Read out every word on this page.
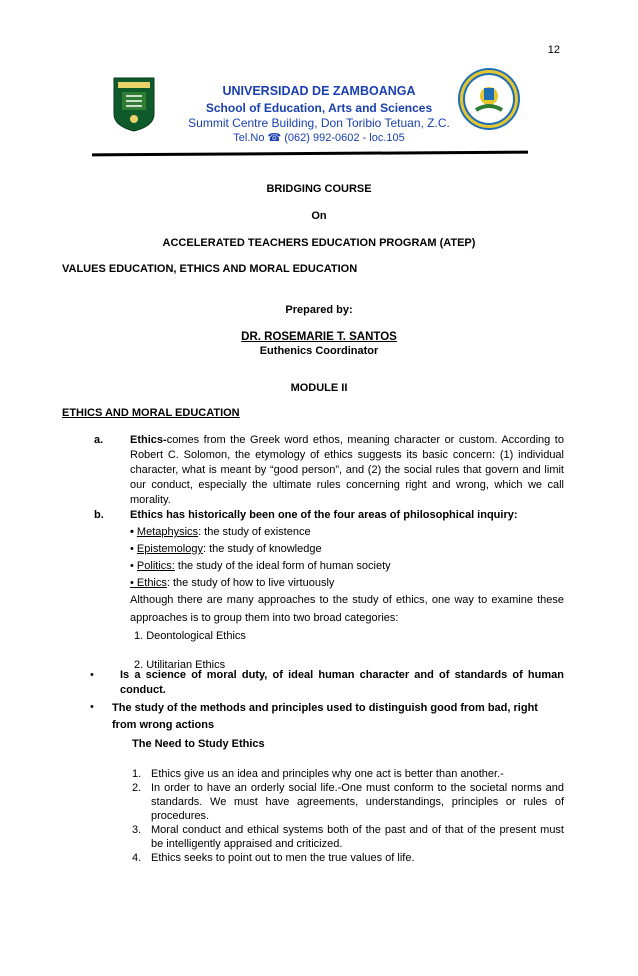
12
UNIVERSIDAD DE ZAMBOANGA
School of Education, Arts and Sciences
Summit Centre Building, Don Toribio Tetuan, Z.C.
Tel.No ☎ (062) 992-0602 - loc.105
BRIDGING COURSE
On
ACCELERATED TEACHERS EDUCATION PROGRAM (ATEP)
VALUES EDUCATION, ETHICS AND MORAL EDUCATION
Prepared by:
DR. ROSEMARIE T. SANTOS
Euthenics Coordinator
MODULE II
ETHICS AND MORAL EDUCATION
a.	Ethics-comes from the Greek word ethos, meaning character or custom. According to Robert C. Solomon, the etymology of ethics suggests its basic concern: (1) individual character, what is meant by “good person”, and (2) the social rules that govern and limit our conduct, especially the ultimate rules concerning right and wrong, which we call morality.
b.	Ethics has historically been one of the four areas of philosophical inquiry:
• Metaphysics: the study of existence
• Epistemology: the study of knowledge
• Politics: the study of the ideal form of human society
• Ethics: the study of how to live virtuously
Although there are many approaches to the study of ethics, one way to examine these approaches is to group them into two broad categories:
1. Deontological Ethics
2. Utilitarian Ethics
•	Is a science of moral duty, of ideal human character and of standards of human conduct.
•	The study of the methods and principles used to distinguish good from bad, right from wrong actions
The Need to Study Ethics
1. Ethics give us an idea and principles why one act is better than another.-
2. In order to have an orderly social life.-One must conform to the societal norms and standards. We must have agreements, understandings, principles or rules of procedures.
3. Moral conduct and ethical systems both of the past and of that of the present must be intelligently appraised and criticized.
4. Ethics seeks to point out to men the true values of life.
